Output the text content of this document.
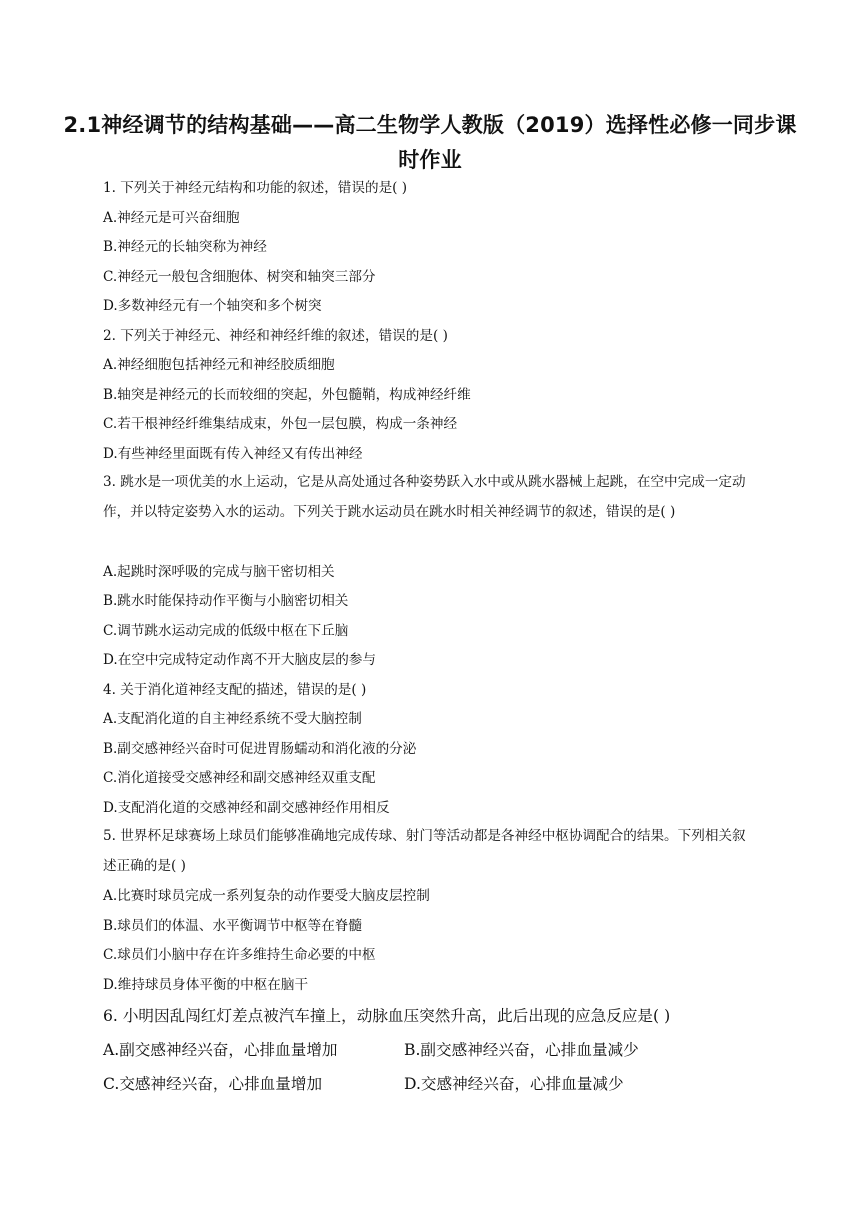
2.1神经调节的结构基础——高二生物学人教版（2019）选择性必修一同步课时作业
1. 下列关于神经元结构和功能的叙述，错误的是( )
A.神经元是可兴奋细胞
B.神经元的长轴突称为神经
C.神经元一般包含细胞体、树突和轴突三部分
D.多数神经元有一个轴突和多个树突
2. 下列关于神经元、神经和神经纤维的叙述，错误的是( )
A.神经细胞包括神经元和神经胶质细胞
B.轴突是神经元的长而较细的突起，外包髓鞘，构成神经纤维
C.若干根神经纤维集结成束，外包一层包膜，构成一条神经
D.有些神经里面既有传入神经又有传出神经
3. 跳水是一项优美的水上运动，它是从高处通过各种姿势跃入水中或从跳水器械上起跳，在空中完成一定动作，并以特定姿势入水的运动。下列关于跳水运动员在跳水时相关神经调节的叙述，错误的是( )
A.起跳时深呼吸的完成与脑干密切相关
B.跳水时能保持动作平衡与小脑密切相关
C.调节跳水运动完成的低级中枢在下丘脑
D.在空中完成特定动作离不开大脑皮层的参与
4. 关于消化道神经支配的描述，错误的是( )
A.支配消化道的自主神经系统不受大脑控制
B.副交感神经兴奋时可促进胃肠蠕动和消化液的分泌
C.消化道接受交感神经和副交感神经双重支配
D.支配消化道的交感神经和副交感神经作用相反
5. 世界杯足球赛场上球员们能够准确地完成传球、射门等活动都是各神经中枢协调配合的结果。下列相关叙述正确的是( )
A.比赛时球员完成一系列复杂的动作要受大脑皮层控制
B.球员们的体温、水平衡调节中枢等在脊髓
C.球员们小脑中存在许多维持生命必要的中枢
D.维持球员身体平衡的中枢在脑干
6. 小明因乱闯红灯差点被汽车撞上，动脉血压突然升高，此后出现的应急反应是( )
A.副交感神经兴奋，心排血量增加	B.副交感神经兴奋，心排血量减少
C.交感神经兴奋，心排血量增加	D.交感神经兴奋，心排血量减少
